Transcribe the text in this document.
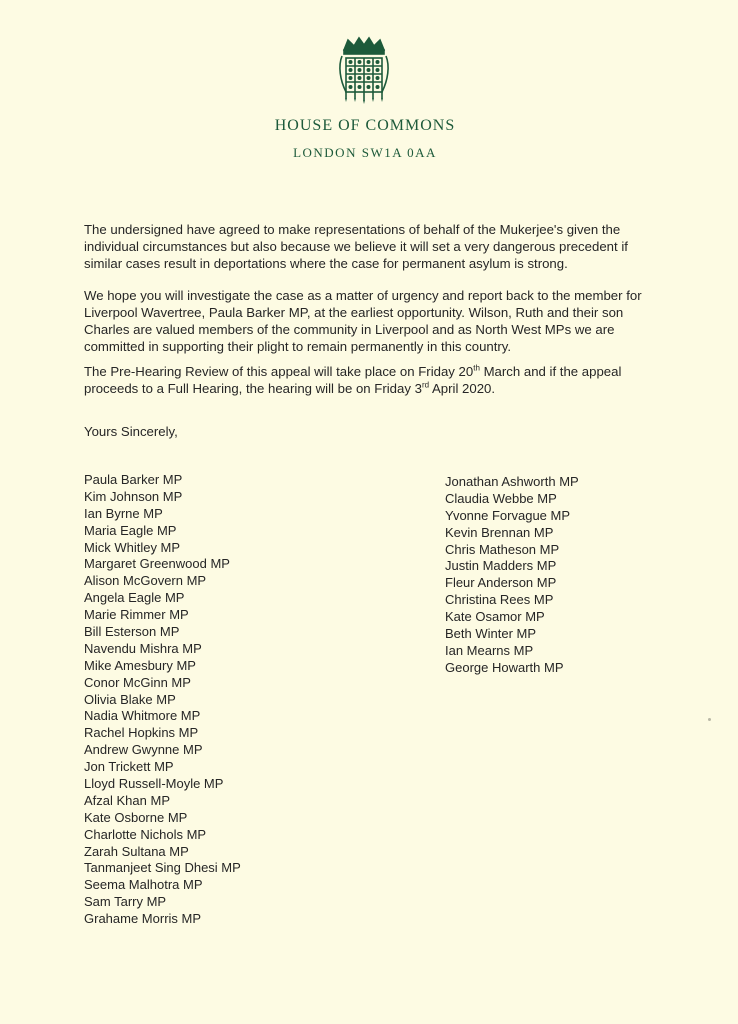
HOUSE OF COMMONS
LONDON SW1A 0AA

The undersigned have agreed to make representations of behalf of the Mukerjee's given the individual circumstances but also because we believe it will set a very dangerous precedent if similar cases result in deportations where the case for permanent asylum is strong.

We hope you will investigate the case as a matter of urgency and report back to the member for Liverpool Wavertree, Paula Barker MP, at the earliest opportunity. Wilson, Ruth and their son Charles are valued members of the community in Liverpool and as North West MPs we are committed in supporting their plight to remain permanently in this country.

The Pre-Hearing Review of this appeal will take place on Friday 20th March and if the appeal proceeds to a Full Hearing, the hearing will be on Friday 3rd April 2020.

Yours Sincerely,
Paula Barker MP
Kim Johnson MP
Ian Byrne MP
Maria Eagle MP
Mick Whitley MP
Margaret Greenwood MP
Alison McGovern MP
Angela Eagle MP
Marie Rimmer MP
Bill Esterson MP
Navendu Mishra MP
Mike Amesbury MP
Conor McGinn MP
Olivia Blake MP
Nadia Whitmore MP
Rachel Hopkins MP
Andrew Gwynne MP
Jon Trickett MP
Lloyd Russell-Moyle MP
Afzal Khan MP
Kate Osborne MP
Charlotte Nichols MP
Zarah Sultana MP
Tanmanjeet Sing Dhesi MP
Seema Malhotra MP
Sam Tarry MP
Grahame Morris MP
Jonathan Ashworth MP
Claudia Webbe MP
Yvonne Forvague MP
Kevin Brennan MP
Chris Matheson MP
Justin Madders MP
Fleur Anderson MP
Christina Rees MP
Kate Osamor MP
Beth Winter MP
Ian Mearns MP
George Howarth MP
